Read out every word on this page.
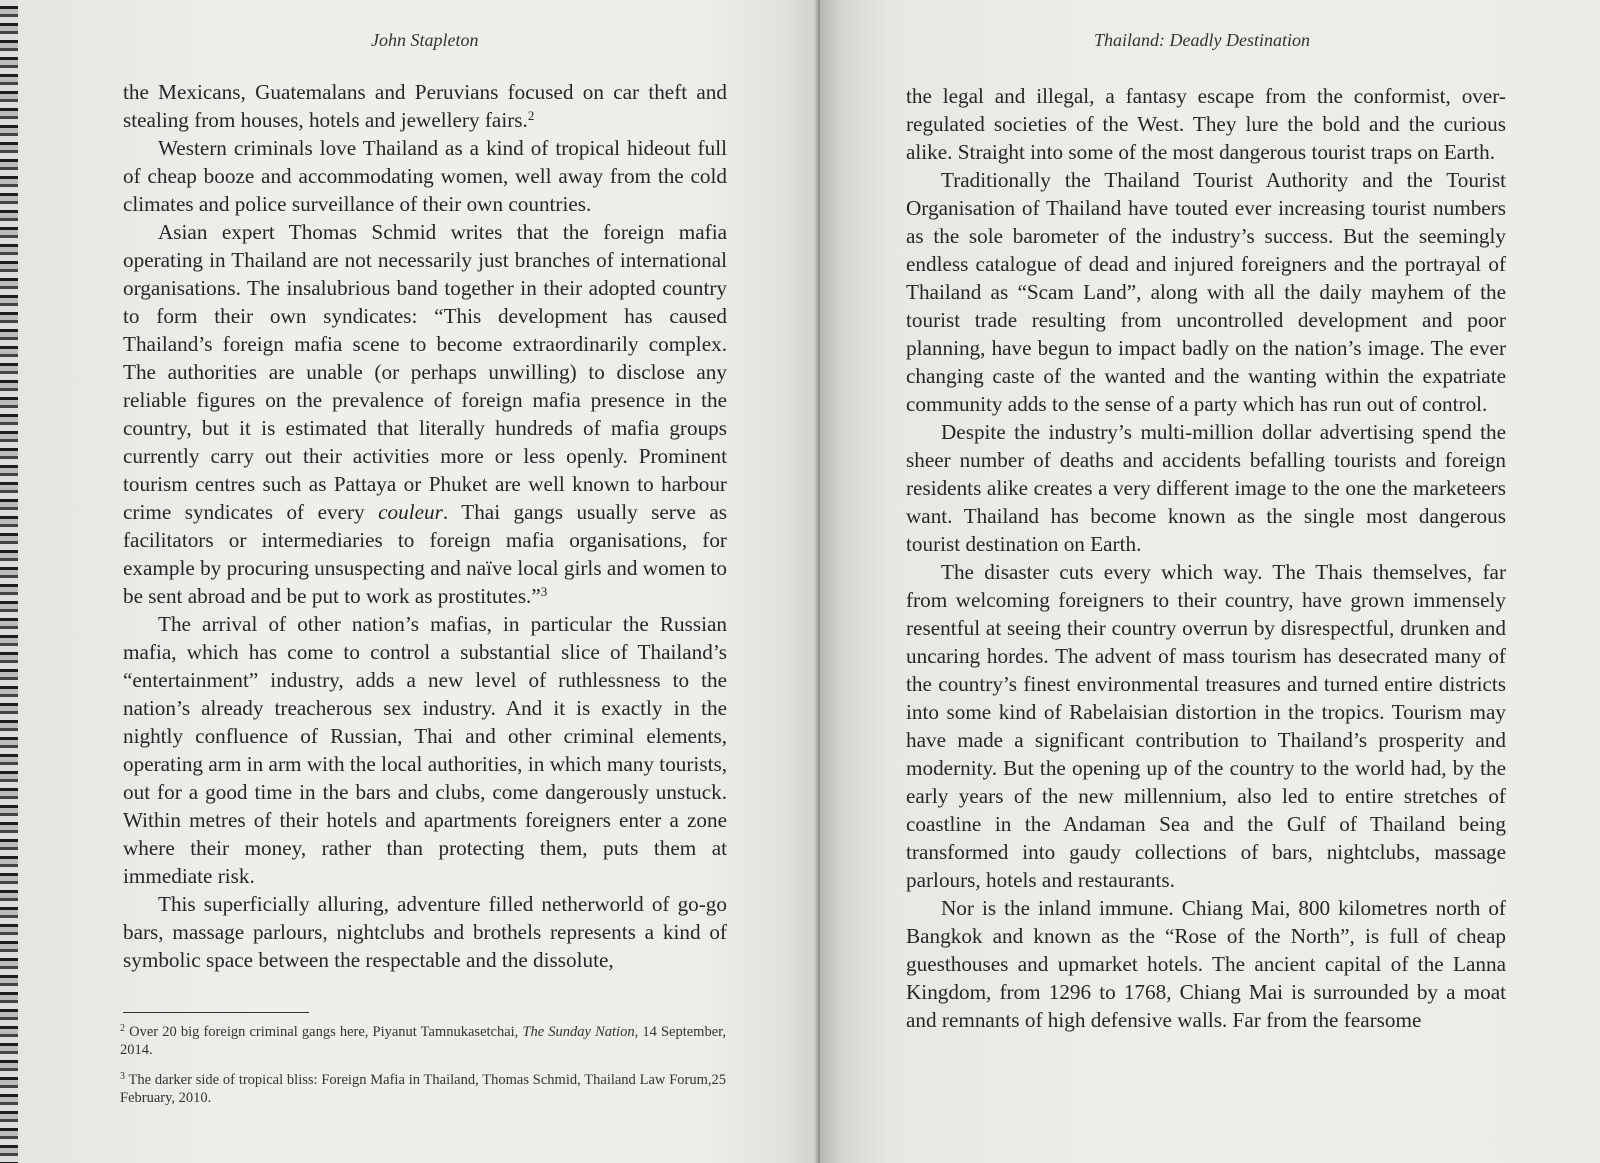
John Stapleton

the Mexicans, Guatemalans and Peruvians focused on car theft and stealing from houses, hotels and jewellery fairs.$^2$

Western criminals love Thailand as a kind of tropical hideout full of cheap booze and accommodating women, well away from the cold climates and police surveillance of their own countries.

Asian expert Thomas Schmid writes that the foreign mafia operating in Thailand are not necessarily just branches of international organisations. The insalubrious band together in their adopted country to form their own syndicates: “This development has caused Thailand’s foreign mafia scene to become extraordinarily complex. The authorities are unable (or perhaps unwilling) to disclose any reliable figures on the prevalence of foreign mafia presence in the country, but it is estimated that literally hundreds of mafia groups currently carry out their activities more or less openly. Prominent tourism centres such as Pattaya or Phuket are well known to harbour crime syndicates of every couleur. Thai gangs usually serve as facilitators or intermediaries to foreign mafia organisations, for example by procuring unsuspecting and naïve local girls and women to be sent abroad and be put to work as prostitutes.”$^3$

The arrival of other nation’s mafias, in particular the Russian mafia, which has come to control a substantial slice of Thailand’s “entertainment” industry, adds a new level of ruthlessness to the nation’s already treacherous sex industry. And it is exactly in the nightly confluence of Russian, Thai and other criminal elements, operating arm in arm with the local authorities, in which many tourists, out for a good time in the bars and clubs, come dangerously unstuck. Within metres of their hotels and apartments foreigners enter a zone where their money, rather than protecting them, puts them at immediate risk.

This superficially alluring, adventure filled netherworld of go-go bars, massage parlours, nightclubs and brothels represents a kind of symbolic space between the respectable and the dissolute,

$^2$ Over 20 big foreign criminal gangs here, Piyanut Tamnukasetchai, The Sunday Nation, 14 September, 2014.

$^3$ The darker side of tropical bliss: Foreign Mafia in Thailand, Thomas Schmid, Thailand Law Forum,25 February, 2010.

Thailand: Deadly Destination

the legal and illegal, a fantasy escape from the conformist, over-regulated societies of the West. They lure the bold and the curious alike. Straight into some of the most dangerous tourist traps on Earth.

Traditionally the Thailand Tourist Authority and the Tourist Organisation of Thailand have touted ever increasing tourist numbers as the sole barometer of the industry’s success. But the seemingly endless catalogue of dead and injured foreigners and the portrayal of Thailand as “Scam Land”, along with all the daily mayhem of the tourist trade resulting from uncontrolled development and poor planning, have begun to impact badly on the nation’s image. The ever changing caste of the wanted and the wanting within the expatriate community adds to the sense of a party which has run out of control.

Despite the industry’s multi-million dollar advertising spend the sheer number of deaths and accidents befalling tourists and foreign residents alike creates a very different image to the one the marketeers want. Thailand has become known as the single most dangerous tourist destination on Earth.

The disaster cuts every which way. The Thais themselves, far from welcoming foreigners to their country, have grown immensely resentful at seeing their country overrun by disrespectful, drunken and uncaring hordes. The advent of mass tourism has desecrated many of the country’s finest environmental treasures and turned entire districts into some kind of Rabelaisian distortion in the tropics. Tourism may have made a significant contribution to Thailand’s prosperity and modernity. But the opening up of the country to the world had, by the early years of the new millennium, also led to entire stretches of coastline in the Andaman Sea and the Gulf of Thailand being transformed into gaudy collections of bars, nightclubs, massage parlours, hotels and restaurants.

Nor is the inland immune. Chiang Mai, 800 kilometres north of Bangkok and known as the “Rose of the North”, is full of cheap guesthouses and upmarket hotels. The ancient capital of the Lanna Kingdom, from 1296 to 1768, Chiang Mai is surrounded by a moat and remnants of high defensive walls. Far from the fearsome
